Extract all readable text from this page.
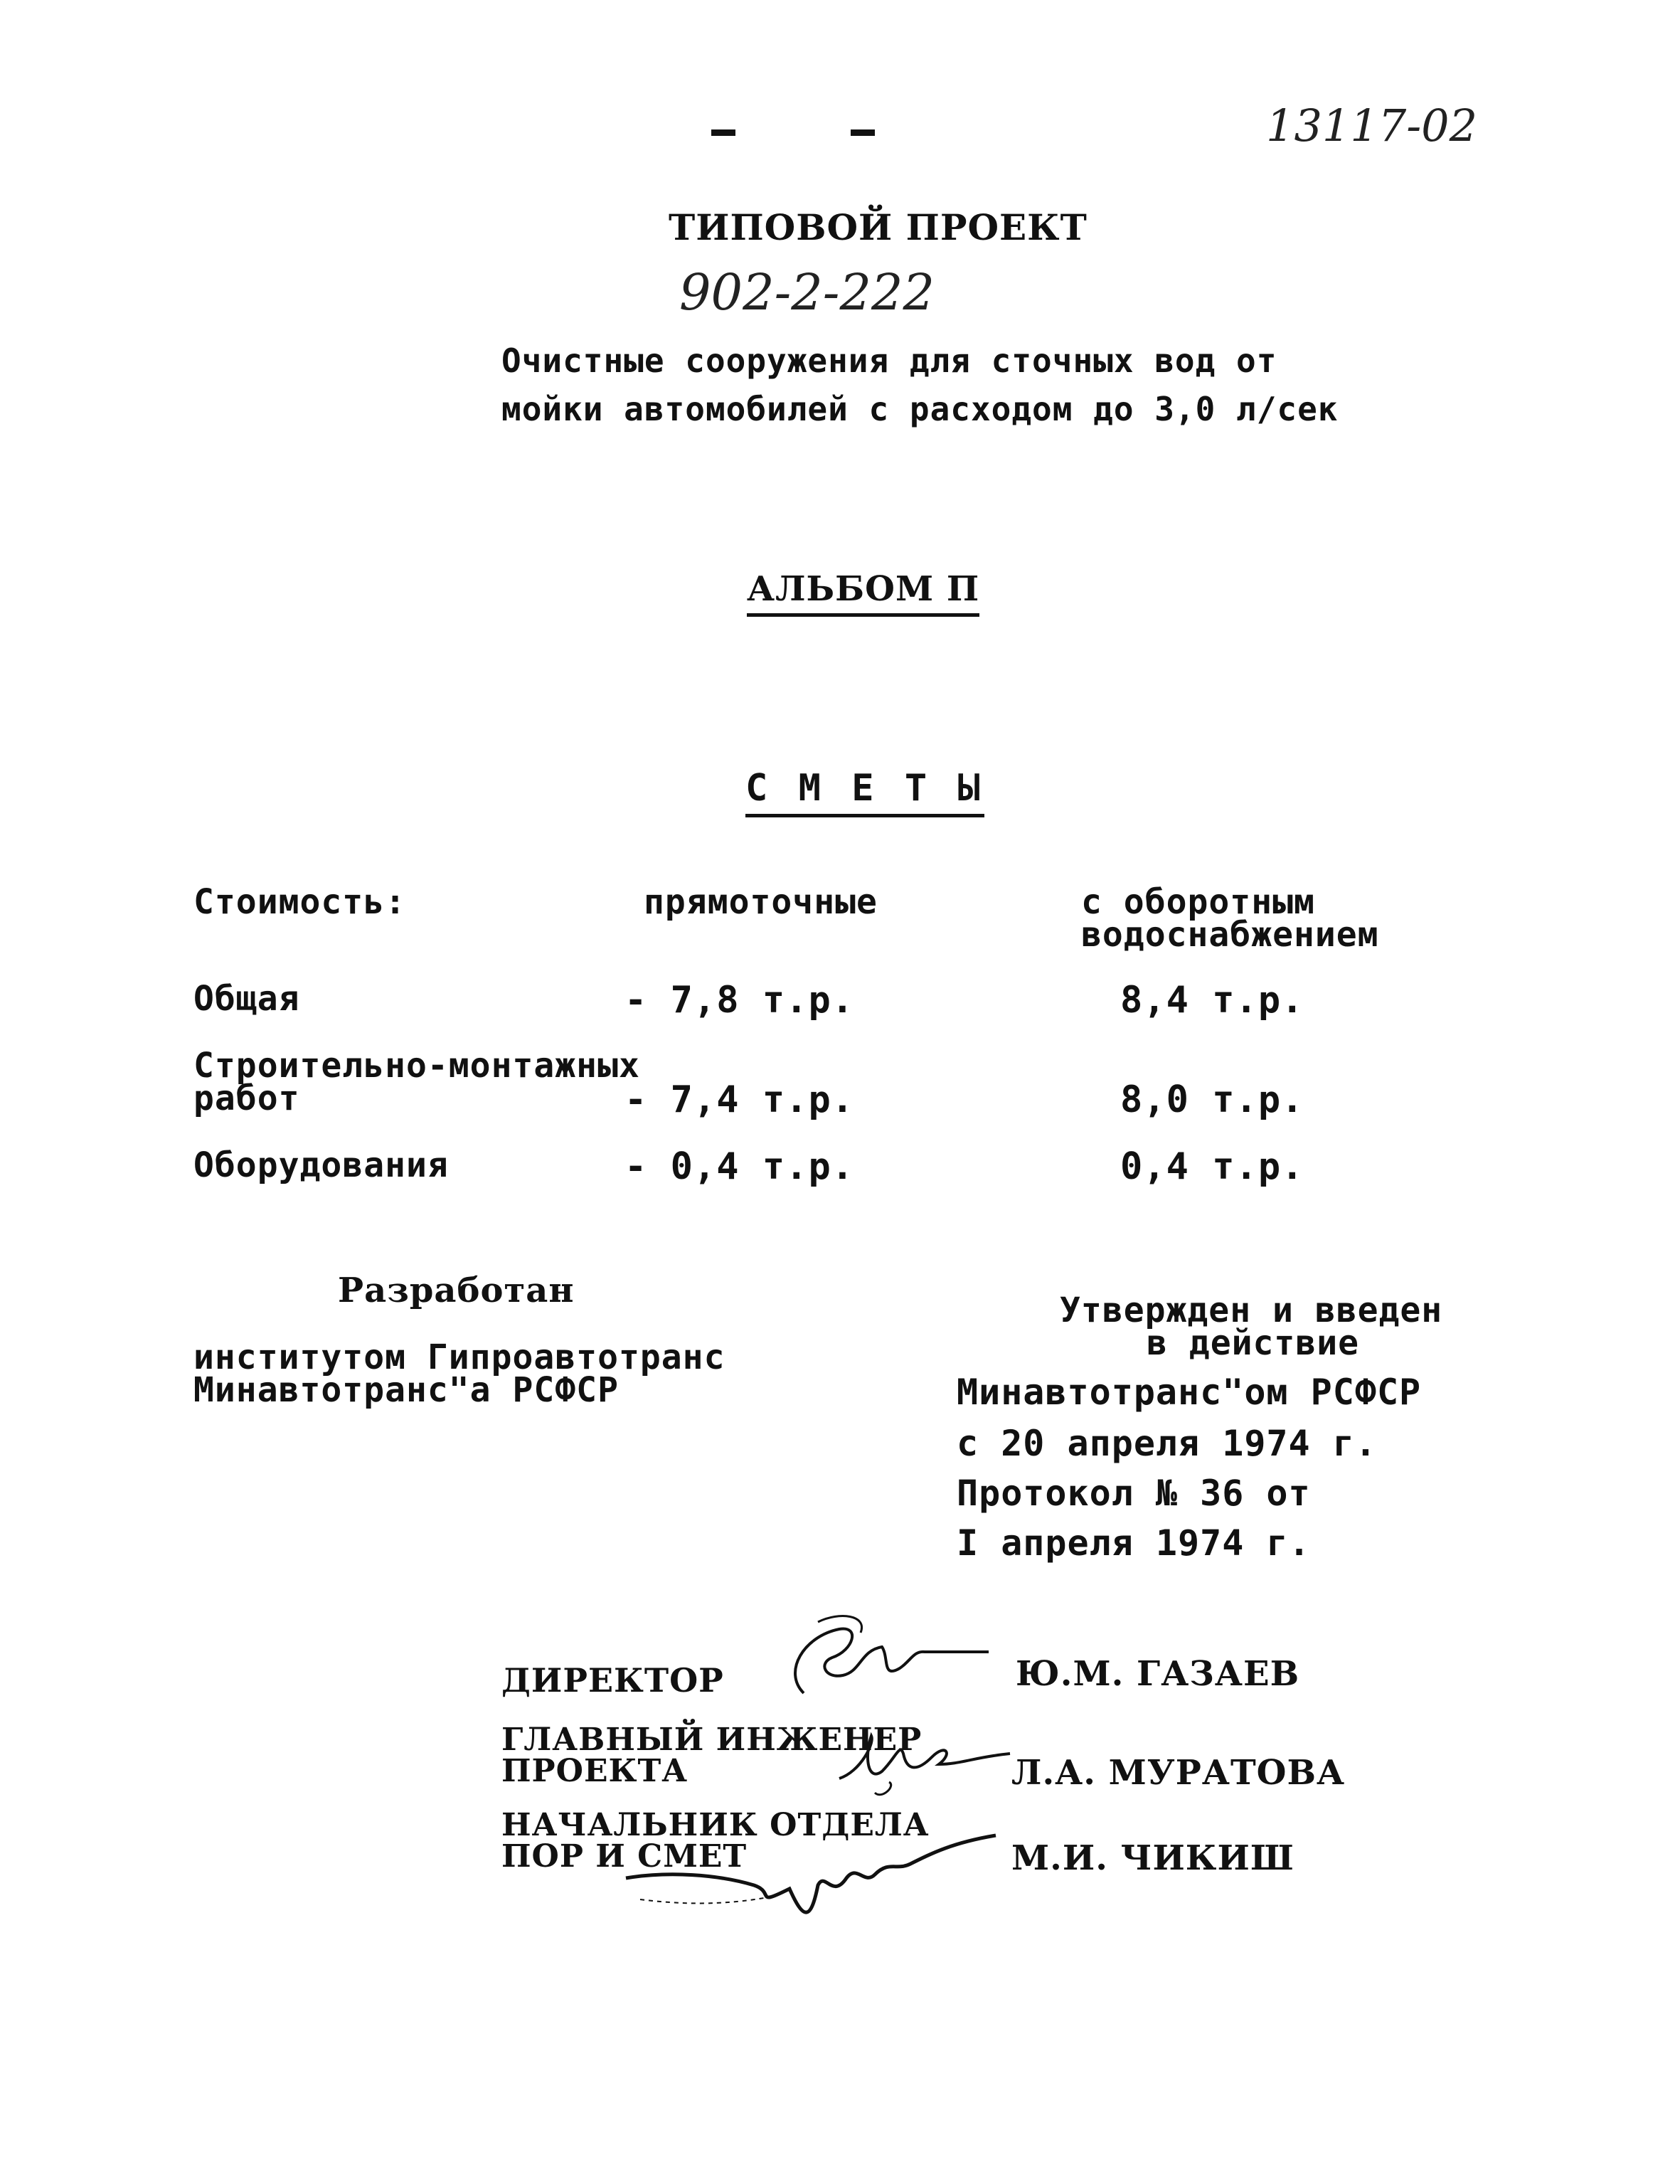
13117-02
ТИПОВОЙ ПРОЕКТ
902-2-222
Очистные сооружения для сточных вод от
мойки автомобилей с расходом до 3,0 л/сек
АЛЬБОМ П
С М Е Т Ы
Стоимость:	прямоточные	с оборотным
водоснабжением
Общая	- 7,8 т.р.	8,4 т.р.
Строительно-монтажных
работ	- 7,4 т.р.	8,0 т.р.
Оборудования	- 0,4 т.р.	0,4 т.р.
Разработан
институтом Гипроавтотранс
Минавтотранс"а РСФСР
Утвержден и введен
в действие
Минавтотранс"ом РСФСР
с 20 апреля 1974 г.
Протокол № 36 от
I апреля 1974 г.
ДИРЕКТОР	Ю.М. ГАЗАЕВ
ГЛАВНЫЙ ИНЖЕНЕР
ПРОЕКТА	Л.А. МУРАТОВА
НАЧАЛЬНИК ОТДЕЛА
ПОР И СМЕТ	М.И. ЧИКИШ
